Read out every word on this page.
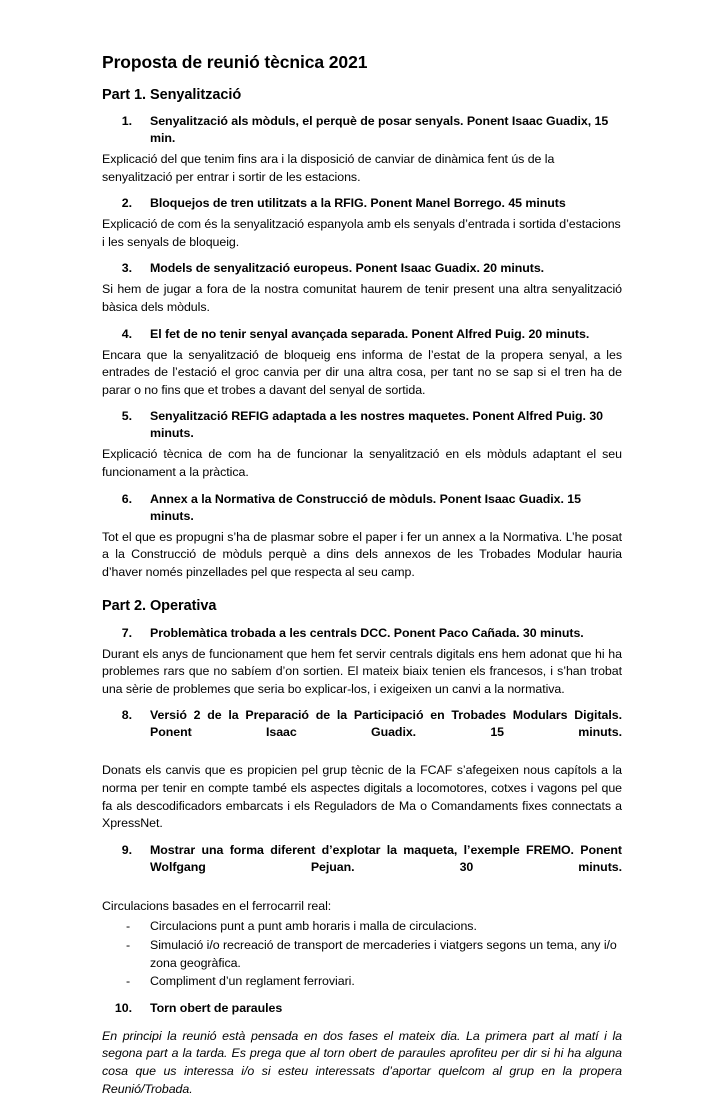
Proposta de reunió tècnica 2021
Part 1. Senyalització
1. Senyalització als mòduls, el perquè de posar senyals. Ponent Isaac Guadix, 15 min.

Explicació del que tenim fins ara i la disposició de canviar de dinàmica fent ús de la senyalització per entrar i sortir de les estacions.

2. Bloquejos de tren utilitzats a la RFIG. Ponent Manel Borrego. 45 minuts

Explicació de com és la senyalització espanyola amb els senyals d’entrada i sortida d’estacions i les senyals de bloqueig.

3. Models de senyalització europeus. Ponent Isaac Guadix. 20 minuts.

Si hem de jugar a fora de la nostra comunitat haurem de tenir present una altra senyalització bàsica dels mòduls.

4. El fet de no tenir senyal avançada separada. Ponent Alfred Puig. 20 minuts.

Encara que la senyalització de bloqueig ens informa de l’estat de la propera senyal, a les entrades de l’estació el groc canvia per dir una altra cosa, per tant no se sap si el tren ha de parar o no fins que et trobes a davant del senyal de sortida.

5. Senyalització REFIG adaptada a les nostres maquetes. Ponent Alfred Puig. 30 minuts.

Explicació tècnica de com ha de funcionar la senyalització en els mòduls adaptant el seu funcionament a la pràctica.

6. Annex a la Normativa de Construcció de mòduls. Ponent Isaac Guadix. 15 minuts.

Tot el que es propugni s’ha de plasmar sobre el paper i fer un annex a la Normativa. L’he posat a la Construcció de mòduls perquè a dins dels annexos de les Trobades Modular hauria d’haver només pinzellades pel que respecta al seu camp.

Part 2. Operativa
7. Problemàtica trobada a les centrals DCC. Ponent Paco Cañada. 30 minuts.

Durant els anys de funcionament que hem fet servir centrals digitals ens hem adonat que hi ha problemes rars que no sabíem d’on sortien. El mateix biaix tenien els francesos, i s’han trobat una sèrie de problemes que seria bo explicar-los, i exigeixen un canvi a la normativa.

8. Versió 2 de la Preparació de la Participació en Trobades Modulars Digitals. Ponent Isaac Guadix. 15 minuts.

Donats els canvis que es propicien pel grup tècnic de la FCAF s’afegeixen nous capítols a la norma per tenir en compte també els aspectes digitals a locomotores, cotxes i vagons pel que fa als descodificadors embarcats i els Reguladors de Ma o Comandaments fixes connectats a XpressNet.

9. Mostrar una forma diferent d’explotar la maqueta, l’exemple FREMO. Ponent Wolfgang Pejuan. 30 minuts.

Circulacions basades en el ferrocarril real:

- Circulacions punt a punt amb horaris i malla de circulacions.
- Simulació i/o recreació de transport de mercaderies i viatgers segons un tema, any i/o zona geogràfica.
- Compliment d’un reglament ferroviari.
10. Torn obert de paraules

En principi la reunió està pensada en dos fases el mateix dia. La primera part al matí i la segona part a la tarda. Es prega que al torn obert de paraules aprofiteu per dir si hi ha alguna cosa que us interessa i/o si esteu interessats d’aportar quelcom al grup en la propera Reunió/Trobada.
